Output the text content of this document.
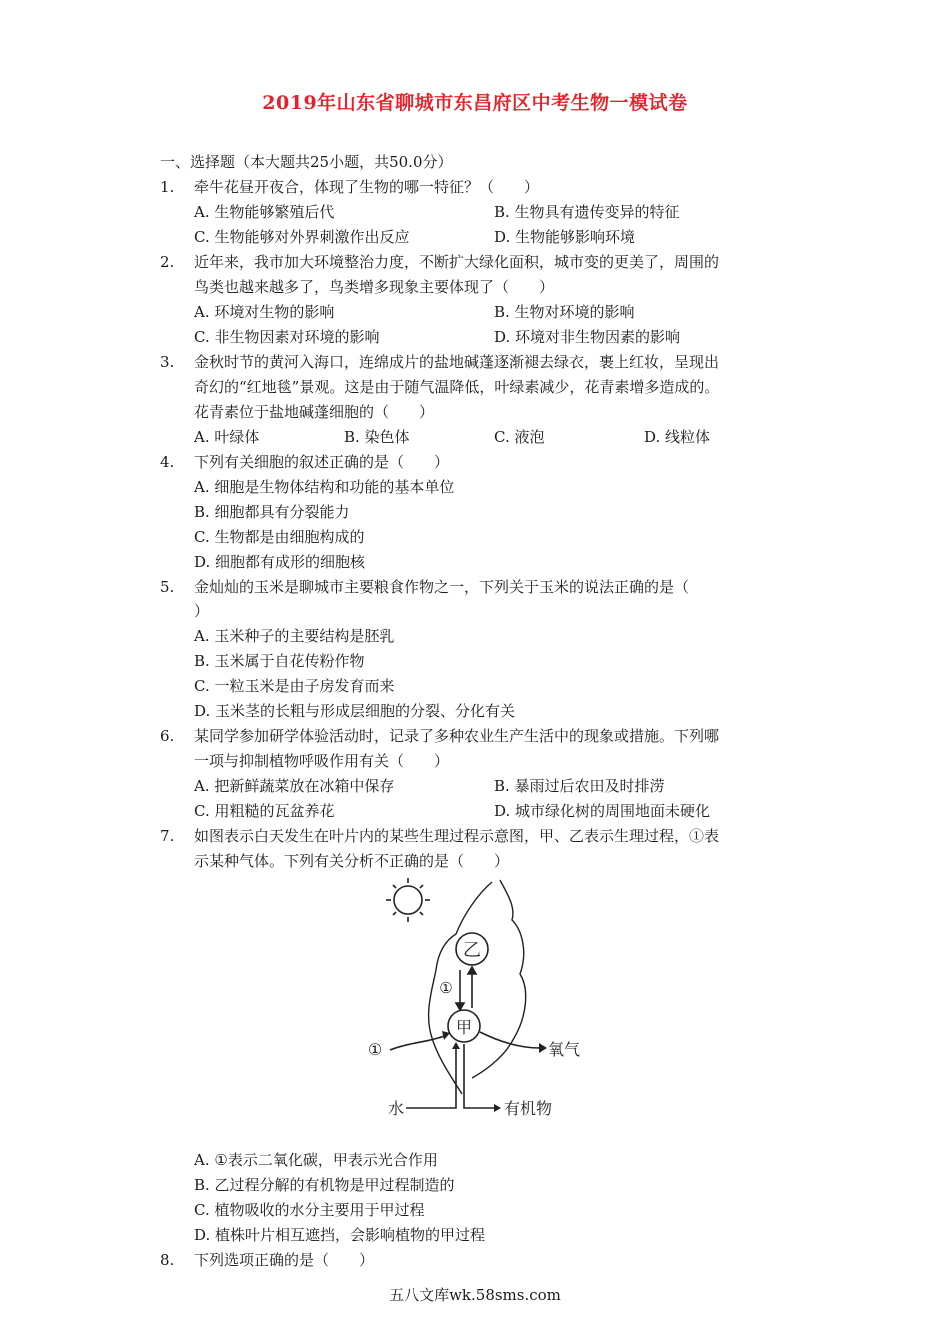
2019年山东省聊城市东昌府区中考生物一模试卷
一、选择题（本大题共25小题，共50.0分）
1.	牵牛花昼开夜合，体现了生物的哪一特征？（　　）
A. 生物能够繁殖后代	B. 生物具有遗传变异的特征
C. 生物能够对外界刺激作出反应	D. 生物能够影响环境
2.	近年来，我市加大环境整治力度，不断扩大绿化面积，城市变的更美了，周围的
鸟类也越来越多了，鸟类增多现象主要体现了（　　）
A. 环境对生物的影响	B. 生物对环境的影响
C. 非生物因素对环境的影响	D. 环境对非生物因素的影响
3.	金秋时节的黄河入海口，连绵成片的盐地碱蓬逐渐褪去绿衣，裹上红妆，呈现出
奇幻的“红地毯”景观。这是由于随气温降低，叶绿素减少，花青素增多造成的。
花青素位于盐地碱蓬细胞的（　　）
A. 叶绿体	B. 染色体	C. 液泡	D. 线粒体
4.	下列有关细胞的叙述正确的是（　　）
A. 细胞是生物体结构和功能的基本单位
B. 细胞都具有分裂能力
C. 生物都是由细胞构成的
D. 细胞都有成形的细胞核
5.	金灿灿的玉米是聊城市主要粮食作物之一，下列关于玉米的说法正确的是（
）
A. 玉米种子的主要结构是胚乳
B. 玉米属于自花传粉作物
C. 一粒玉米是由子房发育而来
D. 玉米茎的长粗与形成层细胞的分裂、分化有关
6.	某同学参加研学体验活动时，记录了多种农业生产生活中的现象或措施。下列哪
一项与抑制植物呼吸作用有关（　　）
A. 把新鲜蔬菜放在冰箱中保存	B. 暴雨过后农田及时排涝
C. 用粗糙的瓦盆养花	D. 城市绿化树的周围地面未硬化
7.	如图表示白天发生在叶片内的某些生理过程示意图，甲、乙表示生理过程，①表
示某种气体。下列有关分析不正确的是（　　）
乙
甲
①
①	氧气
水	有机物
A. ①表示二氧化碳，甲表示光合作用
B. 乙过程分解的有机物是甲过程制造的
C. 植物吸收的水分主要用于甲过程
D. 植株叶片相互遮挡，会影响植物的甲过程
8.	下列选项正确的是（　　）
五八文库wk.58sms.com
